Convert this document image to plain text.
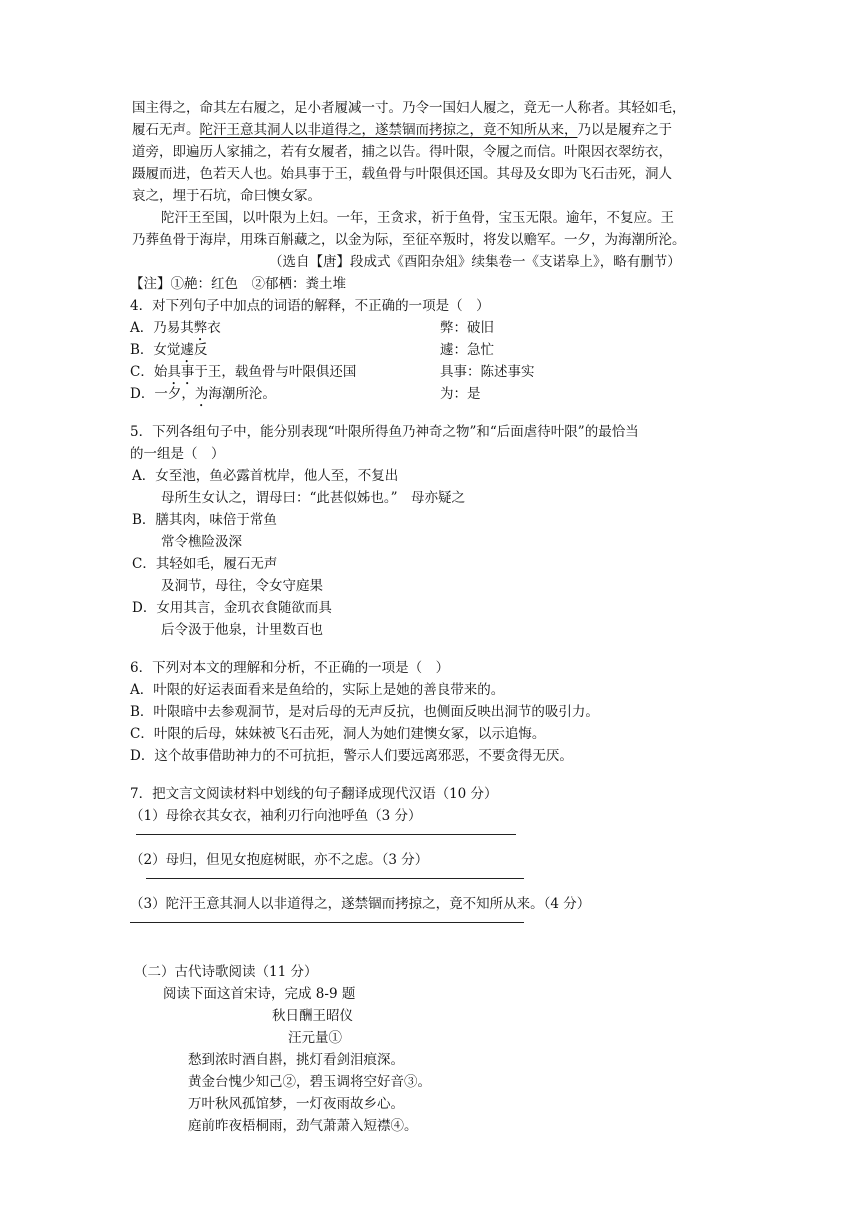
国主得之，命其左右履之，足小者履减一寸。乃令一国妇人履之，竟无一人称者。其轻如毛，
履石无声。陀汗王意其洞人以非道得之，遂禁锢而拷掠之，竟不知所从来，乃以是履弃之于
道旁，即遍历人家捕之，若有女履者，捕之以告。得叶限，令履之而信。叶限因衣翠纺衣，
蹑履而进，色若天人也。始具事于王，载鱼骨与叶限俱还国。其母及女即为飞石击死，洞人
哀之，埋于石坑，命曰懊女冢。
陀汗王至国，以叶限为上妇。一年，王贪求，祈于鱼骨，宝玉无限。逾年，不复应。王
乃葬鱼骨于海岸，用珠百斛藏之，以金为际，至征卒叛时，将发以赡军。一夕，为海潮所沦。
（选自【唐】段成式《酉阳杂俎》续集卷一《支诺皋上》，略有删节）
【注】①赩：红色　②郁栖：粪土堆
4．对下列句子中加点的词语的解释，不正确的一项是（　）
A．乃易其弊衣	弊：破旧
B．女觉遽反	遽：急忙
C．始具事于王，载鱼骨与叶限俱还国	具事：陈述事实
D．一夕，为海潮所沦。	为：是
5．下列各组句子中，能分别表现“叶限所得鱼乃神奇之物”和“后面虐待叶限”的最恰当
的一组是（　）
A．女至池，鱼必露首枕岸，他人至，不复出
母所生女认之，谓母曰：“此甚似姊也。”　母亦疑之
B．膳其肉，味倍于常鱼
常令樵险汲深
C．其轻如毛，履石无声
及洞节，母往，令女守庭果
D．女用其言，金玑衣食随欲而具
后令汲于他泉，计里数百也
6．下列对本文的理解和分析，不正确的一项是（　）
A．叶限的好运表面看来是鱼给的，实际上是她的善良带来的。
B．叶限暗中去参观洞节，是对后母的无声反抗，也侧面反映出洞节的吸引力。
C．叶限的后母，妹妹被飞石击死，洞人为她们建懊女冢，以示追悔。
D．这个故事借助神力的不可抗拒，警示人们要远离邪恶，不要贪得无厌。
7．把文言文阅读材料中划线的句子翻译成现代汉语（10 分）
（1）母徐衣其女衣，袖利刃行向池呼鱼（3 分）
（2）母归，但见女抱庭树眠，亦不之虑。（3 分）
（3）陀汗王意其洞人以非道得之，遂禁锢而拷掠之，竟不知所从来。（4 分）
（二）古代诗歌阅读（11 分）
阅读下面这首宋诗，完成 8-9 题
秋日酬王昭仪
汪元量①
愁到浓时酒自斟，挑灯看剑泪痕深。
黄金台愧少知己②，碧玉调将空好音③。
万叶秋风孤馆梦，一灯夜雨故乡心。
庭前昨夜梧桐雨，劲气萧萧入短襟④。
